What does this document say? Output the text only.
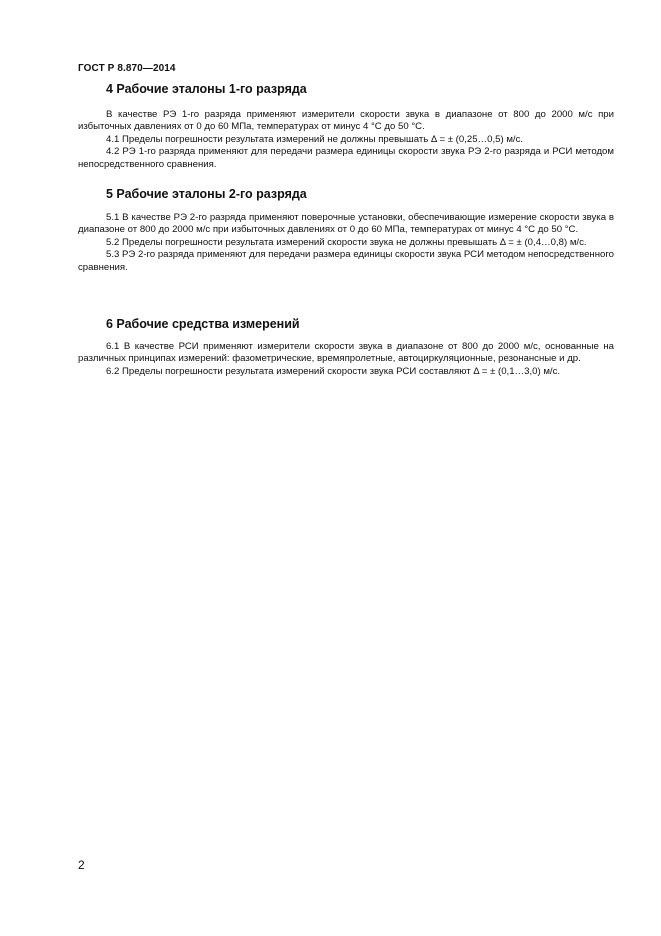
ГОСТ Р 8.870—2014
4 Рабочие эталоны 1-го разряда

В качестве РЭ 1-го разряда применяют измерители скорости звука в диапазоне от 800 до 2000 м/с при избыточных давлениях от 0 до 60 МПа, температурах от минус 4 °C до 50 °C.

4.1 Пределы погрешности результата измерений не должны превышать Δ = ± (0,25…0,5) м/с.

4.2 РЭ 1-го разряда применяют для передачи размера единицы скорости звука РЭ 2-го разряда и РСИ методом непосредственного сравнения.

5 Рабочие эталоны 2-го разряда

5.1 В качестве РЭ 2-го разряда применяют поверочные установки, обеспечивающие измерение скорости звука в диапазоне от 800 до 2000 м/с при избыточных давлениях от 0 до 60 МПа, температурах от минус 4 °C до 50 °C.

5.2 Пределы погрешности результата измерений скорости звука не должны превышать Δ = ± (0,4…0,8) м/с.

5.3 РЭ 2-го разряда применяют для передачи размера единицы скорости звука РСИ методом непосредственного сравнения.

6 Рабочие средства измерений

6.1 В качестве РСИ применяют измерители скорости звука в диапазоне от 800 до 2000 м/с, основанные на различных принципах измерений: фазометрические, времяпролетные, автоциркуляционные, резонансные и др.

6.2 Пределы погрешности результата измерений скорости звука РСИ составляют Δ = ± (0,1…3,0) м/с.

2
